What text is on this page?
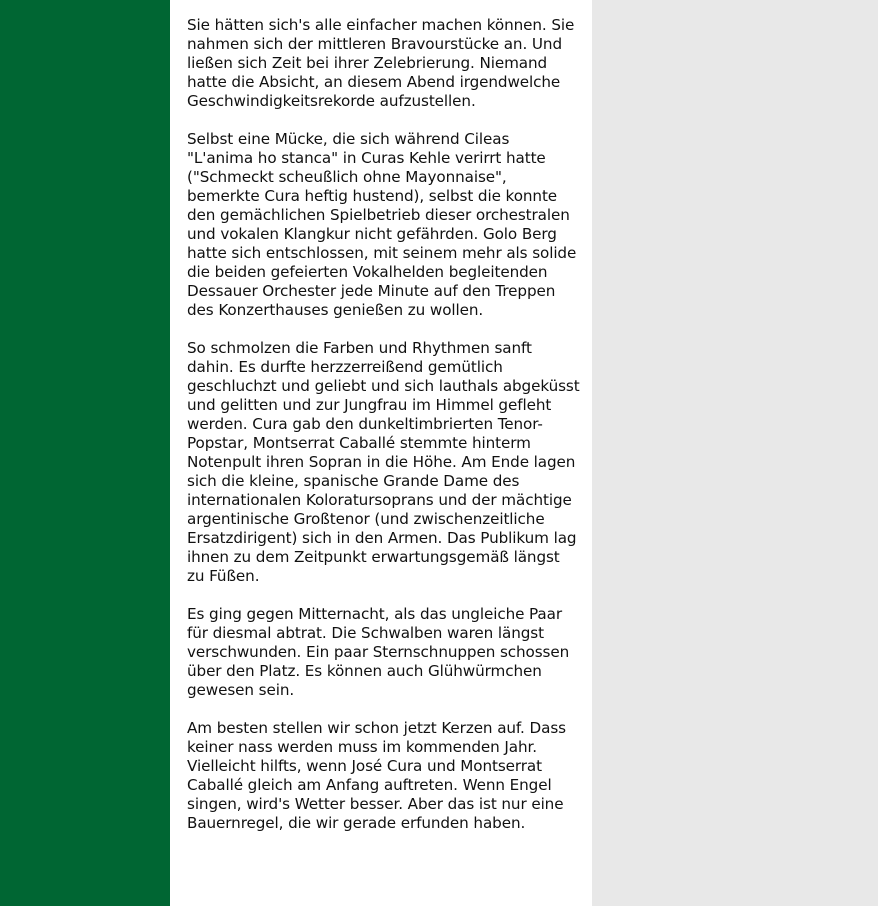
Sie hätten sich's alle einfacher machen können. Sie nahmen sich der mittleren Bravourstücke an. Und ließen sich Zeit bei ihrer Zelebrierung. Niemand hatte die Absicht, an diesem Abend irgendwelche Geschwindigkeitsrekorde aufzustellen.

Selbst eine Mücke, die sich während Cileas "L'anima ho stanca" in Curas Kehle verirrt hatte ("Schmeckt scheußlich ohne Mayonnaise", bemerkte Cura heftig hustend), selbst die konnte den gemächlichen Spielbetrieb dieser orchestralen und vokalen Klangkur nicht gefährden. Golo Berg hatte sich entschlossen, mit seinem mehr als solide die beiden gefeierten Vokalhelden begleitenden Dessauer Orchester jede Minute auf den Treppen des Konzerthauses genießen zu wollen.

So schmolzen die Farben und Rhythmen sanft dahin. Es durfte herzzerreißend gemütlich geschluchzt und geliebt und sich lauthals abgeküsst und gelitten und zur Jungfrau im Himmel gefleht werden. Cura gab den dunkeltimbrierten Tenor-Popstar, Montserrat Caballé stemmte hinterm Notenpult ihren Sopran in die Höhe. Am Ende lagen sich die kleine, spanische Grande Dame des internationalen Koloratursoprans und der mächtige argentinische Großtenor (und zwischenzeitliche Ersatzdirigent) sich in den Armen. Das Publikum lag ihnen zu dem Zeitpunkt erwartungsgemäß längst zu Füßen.

Es ging gegen Mitternacht, als das ungleiche Paar für diesmal abtrat. Die Schwalben waren längst verschwunden. Ein paar Sternschnuppen schossen über den Platz. Es können auch Glühwürmchen gewesen sein.

Am besten stellen wir schon jetzt Kerzen auf. Dass keiner nass werden muss im kommenden Jahr. Vielleicht hilfts, wenn José Cura und Montserrat Caballé gleich am Anfang auftreten. Wenn Engel singen, wird's Wetter besser. Aber das ist nur eine Bauernregel, die wir gerade erfunden haben.
